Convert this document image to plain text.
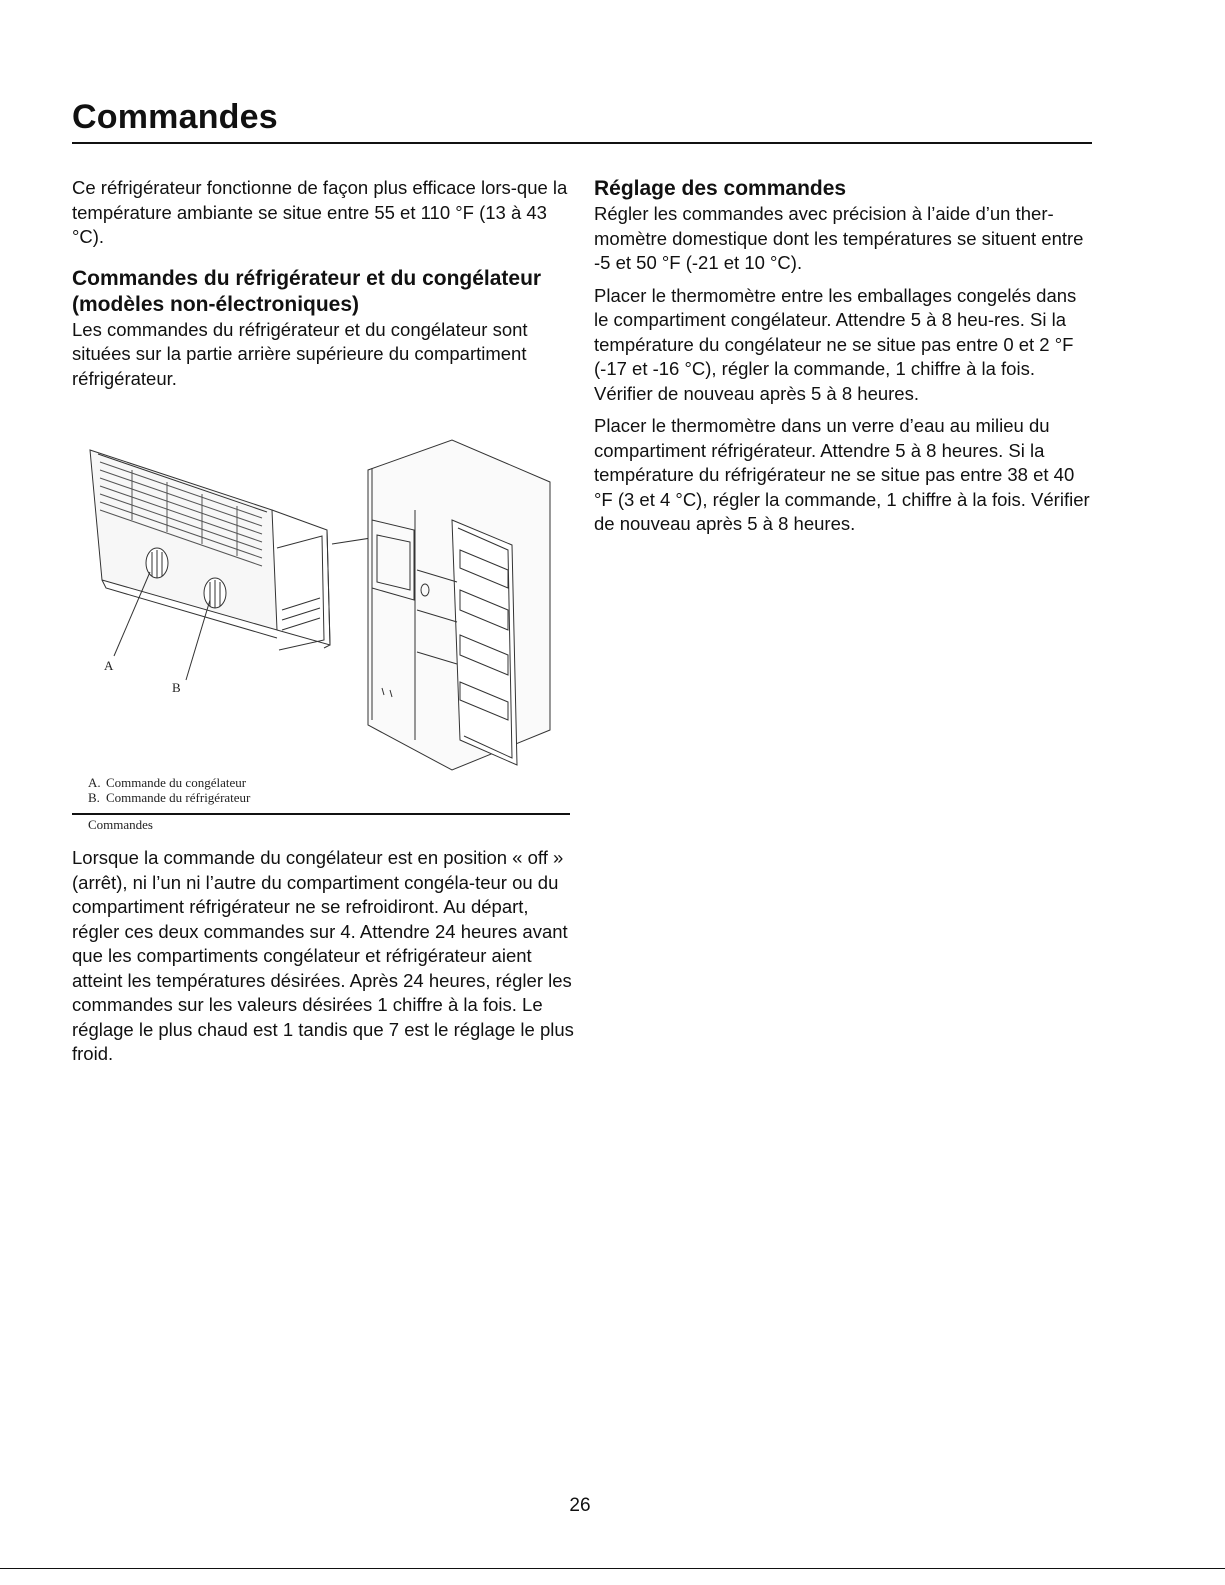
Commandes

Ce réfrigérateur fonctionne de façon plus efficace lors-que la température ambiante se situe entre 55 et 110 °F (13 à 43 °C).

Commandes du réfrigérateur et du congélateur (modèles non-électroniques)

Les commandes du réfrigérateur et du congélateur sont situées sur la partie arrière supérieure du compartiment réfrigérateur.

A
B
A. Commande du congélateur
B. Commande du réfrigérateur
Commandes

Lorsque la commande du congélateur est en position « off » (arrêt), ni l’un ni l’autre du compartiment congéla-teur ou du compartiment réfrigérateur ne se refroidiront. Au départ, régler ces deux commandes sur 4. Attendre 24 heures avant que les compartiments congélateur et réfrigérateur aient atteint les températures désirées. Après 24 heures, régler les commandes sur les valeurs désirées 1 chiffre à la fois. Le réglage le plus chaud est 1 tandis que 7 est le réglage le plus froid.

Réglage des commandes

Régler les commandes avec précision à l’aide d’un ther-momètre domestique dont les températures se situent entre -5 et 50 °F (-21 et 10 °C).

Placer le thermomètre entre les emballages congelés dans le compartiment congélateur. Attendre 5 à 8 heu-res. Si la température du congélateur ne se situe pas entre 0 et 2 °F (-17 et -16 °C), régler la commande, 1 chiffre à la fois. Vérifier de nouveau après 5 à 8 heures.

Placer le thermomètre dans un verre d’eau au milieu du compartiment réfrigérateur. Attendre 5 à 8 heures. Si la température du réfrigérateur ne se situe pas entre 38 et 40 °F (3 et 4 °C), régler la commande, 1 chiffre à la fois. Vérifier de nouveau après 5 à 8 heures.

26
